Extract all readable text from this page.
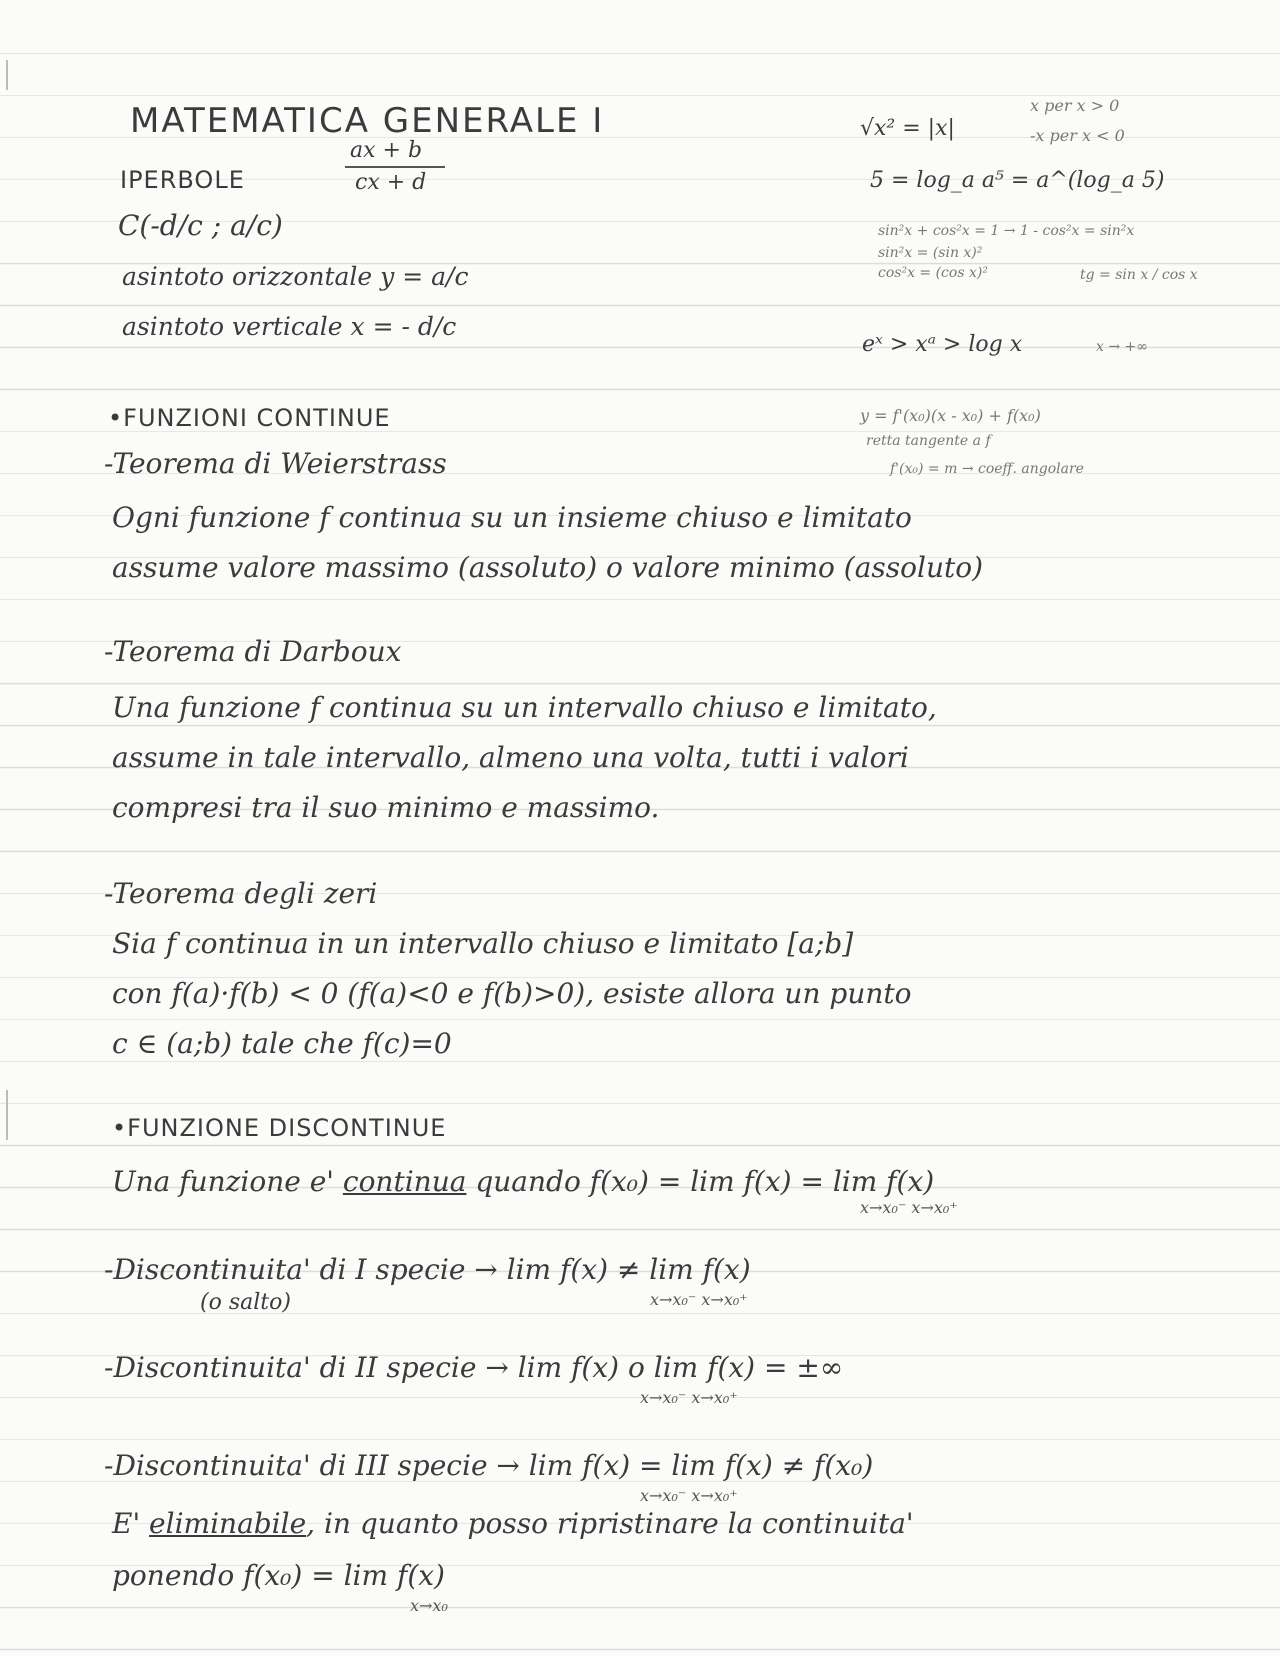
MATEMATICA GENERALE I
IPERBOLE
ax + b
cx + d
C(-d/c ; a/c)
asintoto orizzontale y = a/c
asintoto verticale x = - d/c
√x² = |x|
x per x > 0
-x per x < 0
5 = log_a a⁵ = a^(log_a 5)
sin²x + cos²x = 1 → 1 - cos²x = sin²x
sin²x = (sin x)²
cos²x = (cos x)²	tg = sin x / cos x
eˣ > xᵃ > log x	x → +∞
y = f'(x₀)(x - x₀) + f(x₀)
retta tangente a f
f'(x₀) = m → coeff. angolare
•FUNZIONI CONTINUE
-Teorema di Weierstrass
Ogni funzione f continua su un insieme chiuso e limitato
assume valore massimo (assoluto) o valore minimo (assoluto)
-Teorema di Darboux
Una funzione f continua su un intervallo chiuso e limitato,
assume in tale intervallo, almeno una volta, tutti i valori
compresi tra il suo minimo e massimo.
-Teorema degli zeri
Sia f continua in un intervallo chiuso e limitato [a;b]
con f(a)·f(b) < 0 (f(a)<0 e f(b)>0), esiste allora un punto
c ∈ (a;b) tale che f(c)=0
•FUNZIONE DISCONTINUE
Una funzione e' continua quando f(x₀) = lim f(x) = lim f(x)
x→x₀⁻ x→x₀⁺
-Discontinuita' di I specie → lim f(x) ≠ lim f(x)
x→x₀⁻ x→x₀⁺
(o salto)
-Discontinuita' di II specie → lim f(x) o lim f(x) = ±∞
x→x₀⁻ x→x₀⁺
-Discontinuita' di III specie → lim f(x) = lim f(x) ≠ f(x₀)
x→x₀⁻ x→x₀⁺
E' eliminabile, in quanto posso ripristinare la continuita'
ponendo f(x₀) = lim f(x)
x→x₀
